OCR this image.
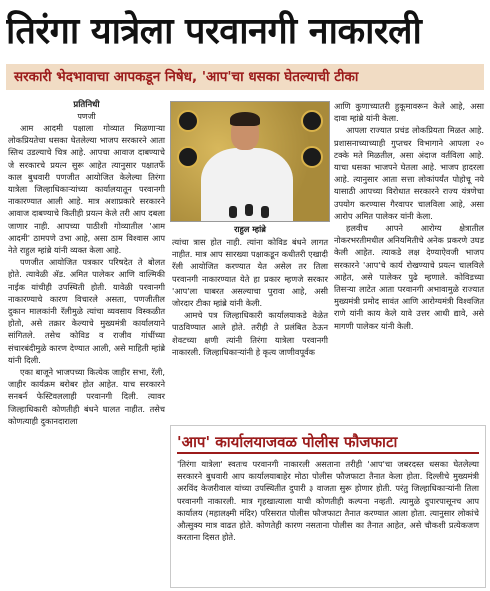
तिरंगा यात्रेला परवानगी नाकारली
सरकारी भेदभावाचा आपकडून निषेध, 'आप'चा धसका घेतल्याची टीका

प्रतिनिधी

पणजी

आम आदमी पक्षाला गोव्यात मिळणाऱ्या लोकप्रियतेचा धसका घेतलेल्या भाजप सरकारने आता स्तिथ उडल्याचे चित्र आहे. आपचा आवाज दाबण्याचे जे सरकारचे प्रयत्न सुरू आहेत त्यानुसार पक्षातर्फे काल बुधवारी पणजीत आयोजित केलेल्या तिरंगा यात्रेला जिल्हाधिकाऱ्यांच्या कार्यालयातून परवानगी नाकारण्यात आली आहे. मात्र अशाप्रकारे सरकारने आवाज दाबण्याचे कितीही प्रयत्न केले तरी आप दबला जाणार नाही. आपच्या पाठीशी गोव्यातील 'आम आदमी' ठामपणे उभा आहे, असा ठाम विश्वास आप नेते राहुल म्हांब्रे यांनी व्यक्त केला आहे.

पणजीत आयोजित पत्रकार परिषदेत ते बोलत होते. त्यावेळी ॲड. अमित पालेकर आणि वाल्मिकी नाईक यांचीही उपस्थिती होती. यावेळी परवानगी नाकारण्याचे कारण विचारले असता, पणजीतील दुकान मालकांनी रॅलीमुळे त्यांचा व्यवसाय विस्कळीत होतो, असे तक्रार केल्याचे मुख्यमंत्री कार्यालयाने सांगितले. तसेच कोविड व राजीव गांधींच्या संचारबंदीमुळे कारण देण्यात आली, असे माहिती म्हांब्रे यांनी दिली.

एका बाजूने भाजपच्या कित्येक जाहीर सभा, रॅली, जाहीर कार्यक्रम बरोबर होत आहेत. याच सरकारने सनबर्न फेस्टिवललाही परवानगी दिली. त्यावर जिल्हाधिकारी कोणतीही बंधने घालत नाहीत. तसेच कोणत्याही दुकानदाराला

राहुल म्हांब्रे

त्यांचा त्रास होत नाही. त्यांना कोविड बंधने लागत नाहीत. मात्र आप सारख्या पक्षाकडून कधीतरी एखादी रॅली आयोजित करण्यात येत असेल तर तिला परवानगी नाकारण्यात येते हा प्रकार म्हणजे सरकार 'आप'ला घाबरत असल्याचा पुरावा आहे, असी जोरदार टीका म्हांब्रे यांनी केली.

आमचे पत्र जिल्हाधिकारी कार्यालयाकडे वेळेत पाठविण्यात आले होते. तरीही ते प्रलंबित ठेऊन शेवटच्या क्षणी त्यांनी तिरंगा यात्रेला परवानगी नाकारली. जिल्हाधिकाऱ्यांनी हे कृत्य जाणीवपूर्वक

आणि कुणाच्यातरी हुकूमावरून केले आहे, असा दावा म्हांब्रे यांनी केला.

आपला राज्यात प्रचंड लोकप्रियता मिळत आहे. प्रशासनाच्याच्याही गुप्तचर विभागाने आपला २० टक्के मते मिळतील, असा अंदाज वर्तविला आहे. याचा धसका भाजपने घेतला आहे. भाजप हादरला आहे. त्यानुसार आता सत्ता लोकांपर्यंत पोहोचू नये यासाठी आपच्या विरोधात सरकारने राज्य यंत्रणेचा उपयोग करण्यास गैरवापर चालविला आहे, असा आरोप अमित पालेकर यांनी केला.

हलवीच आपने आरोग्य क्षेत्रातील नोकरभरतीमधील अनियमितीचे अनेक प्रकरणे उघड केली आहेत. त्याकडे लक्ष देण्याऐवजी भाजप सरकारने 'आप'चे कार्य रोखण्याचे प्रयत्न चालविले आहेत, असे पालेकर पुढे म्हणाले. कोविडच्या तिसऱ्या लाटेत आता परवानगी अभावामुळे राज्यात मुख्यमंत्री प्रमोद सावंत आणि आरोग्यमंत्री विश्वजित राणे यांनी काय केले यावे उत्तर आधी द्यावे, असे मागणी पालेकर यांनी केली.

'आप' कार्यालयाजवळ पोलीस फौजफाटा
'तिरंगा यात्रेला' स्वतःच परवानगी नाकारली असताना तरीही 'आप'चा जबरदस्त धसका घेतलेल्या सरकारने बुधवारी आप कार्यालयाबाहेर मोठा पोलीस फौजफाटा तैनात केला होता. दिल्लीचे मुख्यमंत्री अरविंद केजरीवाल यांच्या उपस्थितीत दुपारी ३ वाजता सुरू होणार होती. परंतु जिल्हाधिकाऱ्यांनी तिला परवानगी नाकारली. मात्र गृहखात्याला याची कोणतीही कल्पना नव्हती. त्यामुळे दुपारपासूनच आप कार्यालय (महालक्ष्मी मंदिर) परिसरात पोलीस फौजफाटा तैनात करण्यात आला होता. त्यानुसार लोकांचे औत्सुक्य मात्र वाढत होते. कोणतेही कारण नसताना पोलीस का तैनात आहेत, असे चौकशी प्रत्येकजण करताना दिसत होते.
